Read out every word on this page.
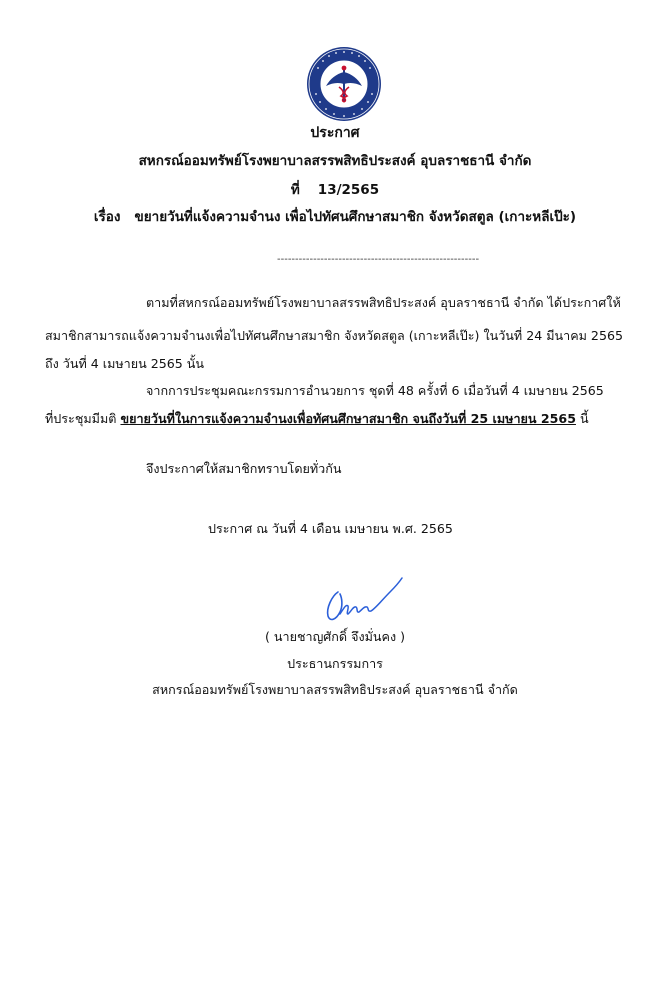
ประกาศ
สหกรณ์ออมทรัพย์โรงพยาบาลสรรพสิทธิประสงค์ อุบลราชธานี จำกัด
ที่ 13/2565
เรื่อง ขยายวันที่แจ้งความจำนง เพื่อไปทัศนศึกษาสมาชิก จังหวัดสตูล (เกาะหลีเป๊ะ)
--------------------------------------------------------
ตามที่สหกรณ์ออมทรัพย์โรงพยาบาลสรรพสิทธิประสงค์ อุบลราชธานี จำกัด ได้ประกาศให้
สมาชิกสามารถแจ้งความจำนงเพื่อไปทัศนศึกษาสมาชิก จังหวัดสตูล (เกาะหลีเป๊ะ) ในวันที่ 24 มีนาคม 2565
ถึง วันที่ 4 เมษายน 2565 นั้น
จากการประชุมคณะกรรมการอำนวยการ ชุดที่ 48 ครั้งที่ 6 เมื่อวันที่ 4 เมษายน 2565
ที่ประชุมมีมติ ขยายวันที่ในการแจ้งความจำนงเพื่อทัศนศึกษาสมาชิก จนถึงวันที่ 25 เมษายน 2565 นี้
จึงประกาศให้สมาชิกทราบโดยทั่วกัน
ประกาศ ณ วันที่ 4 เดือน เมษายน พ.ศ. 2565
( นายชาญศักดิ์ จึงมั่นคง )
ประธานกรรมการ
สหกรณ์ออมทรัพย์โรงพยาบาลสรรพสิทธิประสงค์ อุบลราชธานี จำกัด
